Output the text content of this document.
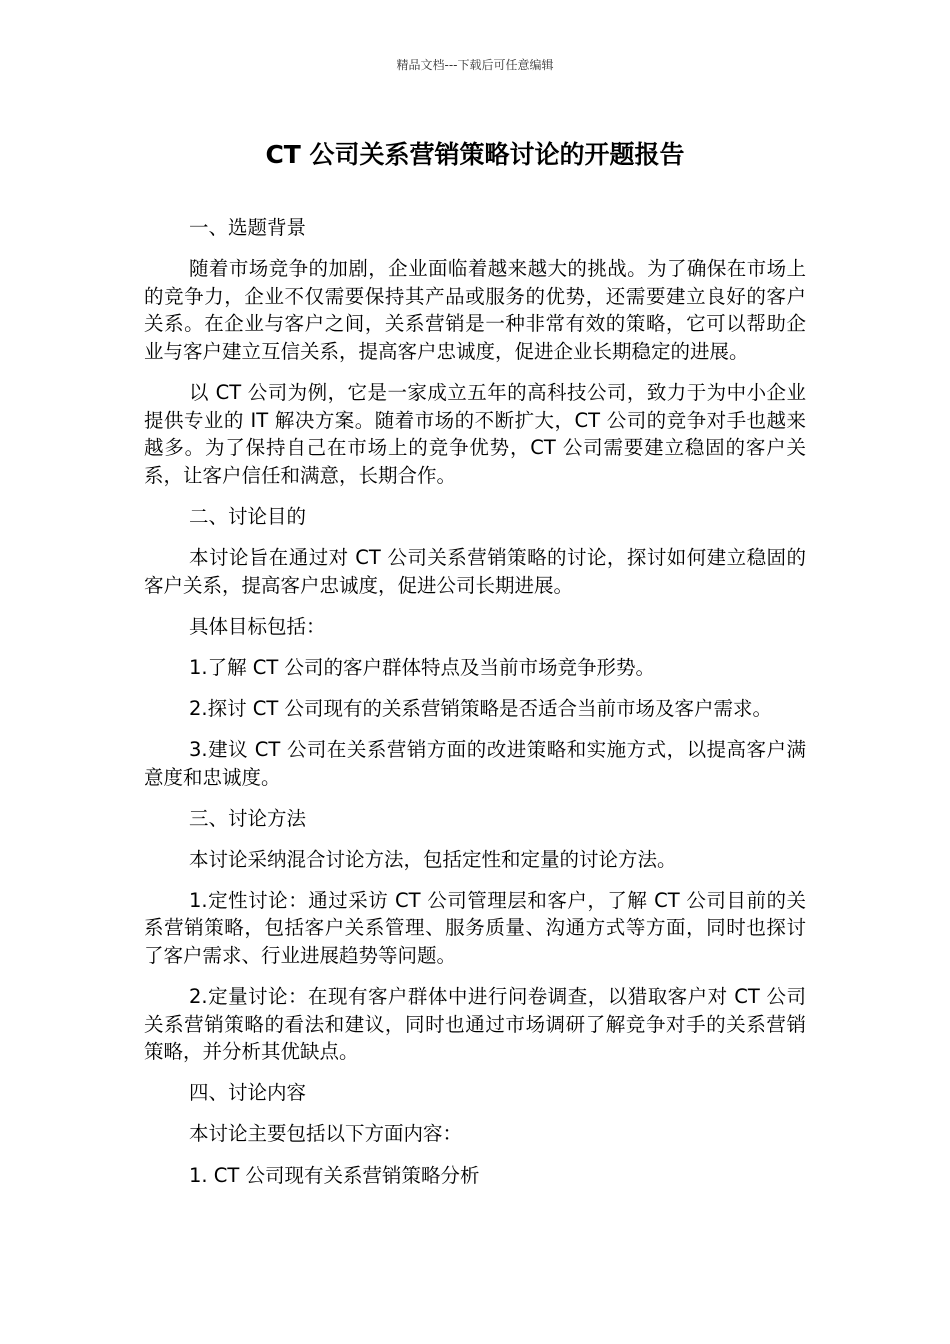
精品文档---下载后可任意编辑
CT 公司关系营销策略讨论的开题报告

一、选题背景

随着市场竞争的加剧，企业面临着越来越大的挑战。为了确保在市场上的竞争力，企业不仅需要保持其产品或服务的优势，还需要建立良好的客户关系。在企业与客户之间，关系营销是一种非常有效的策略，它可以帮助企业与客户建立互信关系，提高客户忠诚度，促进企业长期稳定的进展。

以 CT 公司为例，它是一家成立五年的高科技公司，致力于为中小企业提供专业的 IT 解决方案。随着市场的不断扩大，CT 公司的竞争对手也越来越多。为了保持自己在市场上的竞争优势，CT 公司需要建立稳固的客户关系，让客户信任和满意，长期合作。

二、讨论目的

本讨论旨在通过对 CT 公司关系营销策略的讨论，探讨如何建立稳固的客户关系，提高客户忠诚度，促进公司长期进展。

具体目标包括：

1.了解 CT 公司的客户群体特点及当前市场竞争形势。

2.探讨 CT 公司现有的关系营销策略是否适合当前市场及客户需求。

3.建议 CT 公司在关系营销方面的改进策略和实施方式，以提高客户满意度和忠诚度。

三、讨论方法

本讨论采纳混合讨论方法，包括定性和定量的讨论方法。

1.定性讨论：通过采访 CT 公司管理层和客户，了解 CT 公司目前的关系营销策略，包括客户关系管理、服务质量、沟通方式等方面，同时也探讨了客户需求、行业进展趋势等问题。

2.定量讨论：在现有客户群体中进行问卷调查，以猎取客户对 CT 公司关系营销策略的看法和建议，同时也通过市场调研了解竞争对手的关系营销策略，并分析其优缺点。

四、讨论内容

本讨论主要包括以下方面内容：

1. CT 公司现有关系营销策略分析
